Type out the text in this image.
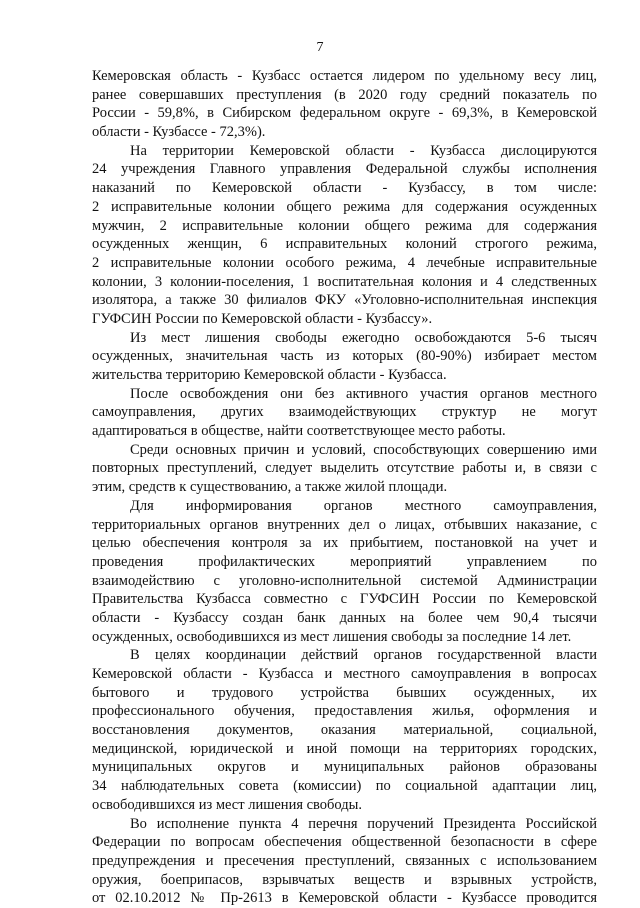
7
Кемеровская область - Кузбасс остается лидером по удельному весу лиц,
ранее совершавших преступления (в 2020 году средний показатель по
России - 59,8%, в Сибирском федеральном округе - 69,3%, в Кемеровской
области - Кузбассе - 72,3%).
На территории Кемеровской области - Кузбасса дислоцируются
24 учреждения Главного управления Федеральной службы исполнения
наказаний по Кемеровской области - Кузбассу, в том числе:
2 исправительные колонии общего режима для содержания осужденных
мужчин, 2 исправительные колонии общего режима для содержания
осужденных женщин, 6 исправительных колоний строгого режима,
2 исправительные колонии особого режима, 4 лечебные исправительные
колонии, 3 колонии-поселения, 1 воспитательная колония и 4 следственных
изолятора, а также 30 филиалов ФКУ «Уголовно-исполнительная инспекция
ГУФСИН России по Кемеровской области - Кузбассу».
Из мест лишения свободы ежегодно освобождаются 5-6 тысяч
осужденных, значительная часть из которых (80-90%) избирает местом
жительства территорию Кемеровской области - Кузбасса.
После освобождения они без активного участия органов местного
самоуправления, других взаимодействующих структур не могут
адаптироваться в обществе, найти соответствующее место работы.
Среди основных причин и условий, способствующих совершению ими
повторных преступлений, следует выделить отсутствие работы и, в связи с
этим, средств к существованию, а также жилой площади.
Для информирования органов местного самоуправления,
территориальных органов внутренних дел о лицах, отбывших наказание, с
целью обеспечения контроля за их прибытием, постановкой на учет и
проведения профилактических мероприятий управлением по
взаимодействию с уголовно-исполнительной системой Администрации
Правительства Кузбасса совместно с ГУФСИН России по Кемеровской
области - Кузбассу создан банк данных на более чем 90,4 тысячи
осужденных, освободившихся из мест лишения свободы за последние 14 лет.
В целях координации действий органов государственной власти
Кемеровской области - Кузбасса и местного самоуправления в вопросах
бытового и трудового устройства бывших осужденных, их
профессионального обучения, предоставления жилья, оформления и
восстановления документов, оказания материальной, социальной,
медицинской, юридической и иной помощи на территориях городских,
муниципальных округов и муниципальных районов образованы
34 наблюдательных совета (комиссии) по социальной адаптации лиц,
освободившихся из мест лишения свободы.
Во исполнение пункта 4 перечня поручений Президента Российской
Федерации по вопросам обеспечения общественной безопасности в сфере
предупреждения и пресечения преступлений, связанных с использованием
оружия, боеприпасов, взрывчатых веществ и взрывных устройств,
от 02.10.2012 № Пр-2613 в Кемеровской области - Кузбассе проводится
